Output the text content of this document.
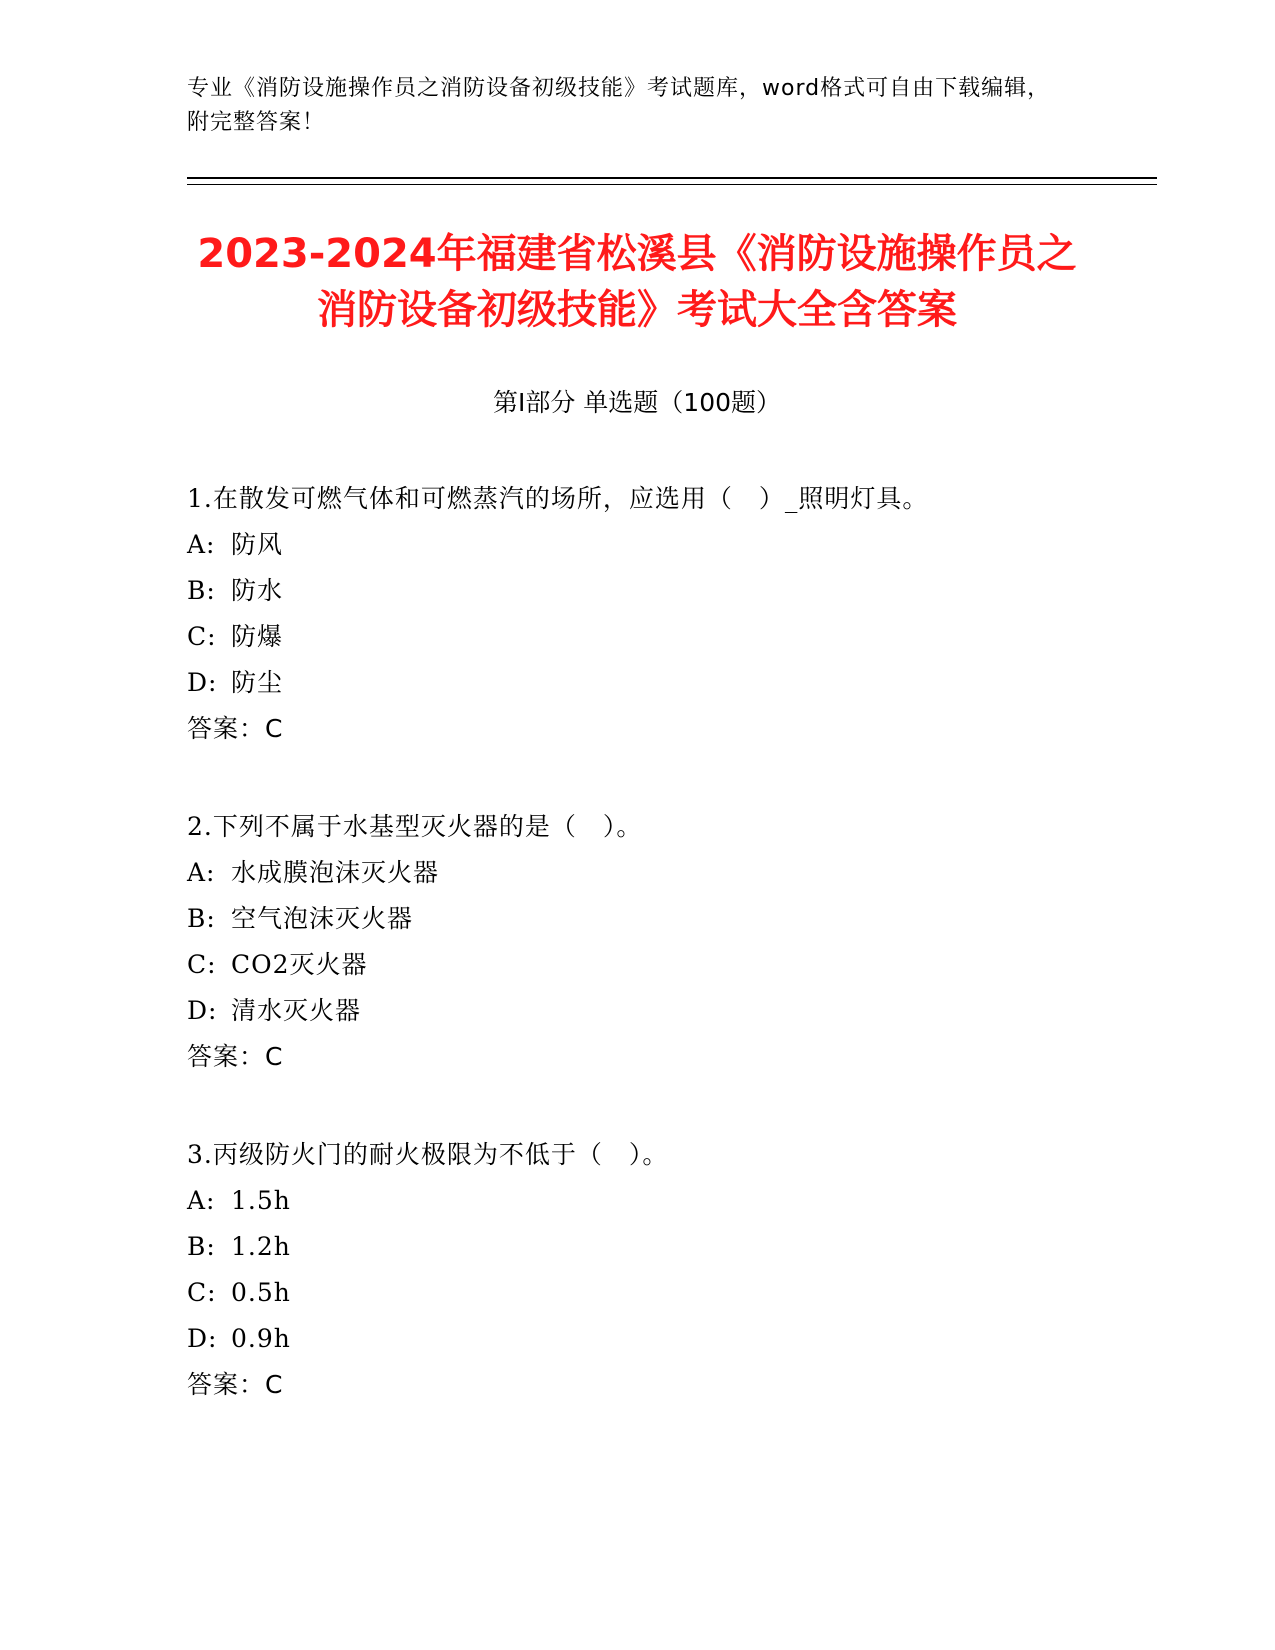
专业《消防设施操作员之消防设备初级技能》考试题库，word格式可自由下载编辑，附完整答案！
2023-2024年福建省松溪县《消防设施操作员之消防设备初级技能》考试大全含答案
第Ⅰ部分 单选题（100题）
1.在散发可燃气体和可燃蒸汽的场所，应选用（　）_照明灯具。
A: 防风
B: 防水
C: 防爆
D: 防尘
答案：C
2.下列不属于水基型灭火器的是（　）。
A: 水成膜泡沫灭火器
B: 空气泡沫灭火器
C: CO2灭火器
D: 清水灭火器
答案：C
3.丙级防火门的耐火极限为不低于（　）。
A: 1.5h
B: 1.2h
C: 0.5h
D: 0.9h
答案：C
